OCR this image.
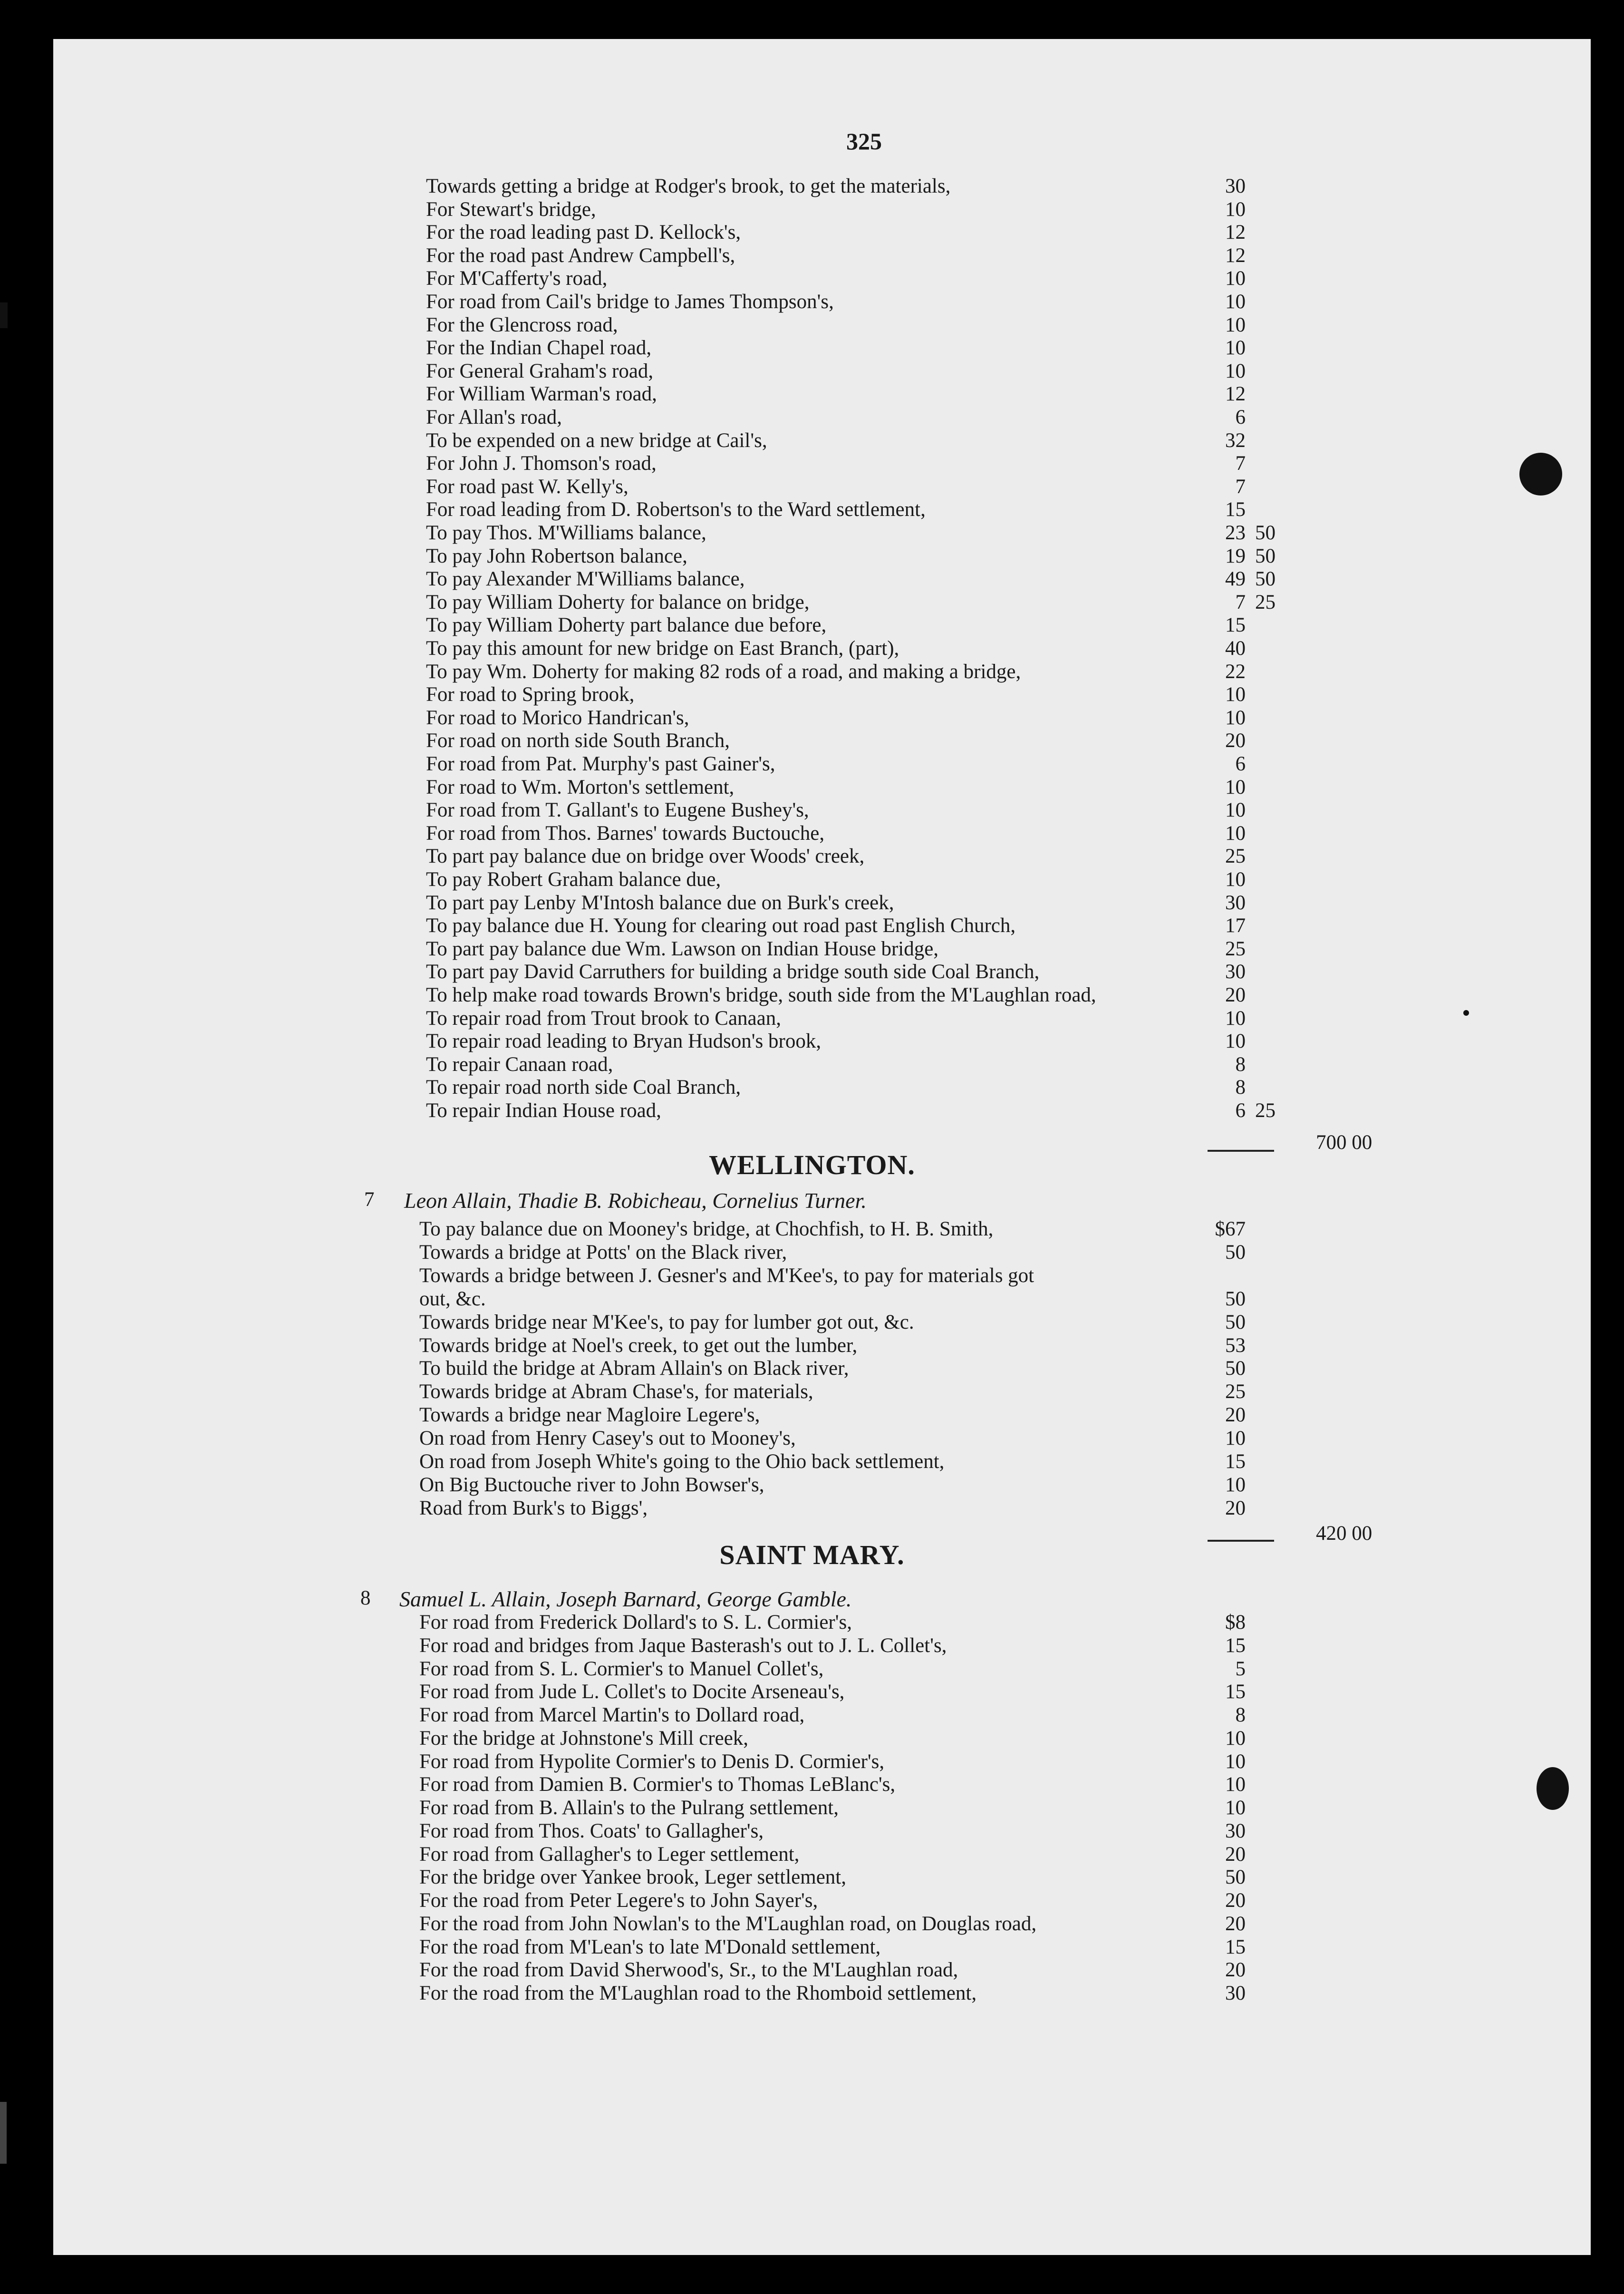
325
Towards getting a bridge at Rodger's brook, to get the materials,	30
For Stewart's bridge,	10
For the road leading past D. Kellock's,	12
For the road past Andrew Campbell's,	12
For M'Cafferty's road,	10
For road from Cail's bridge to James Thompson's,	10
For the Glencross road,	10
For the Indian Chapel road,	10
For General Graham's road,	10
For William Warman's road,	12
For Allan's road,	6
To be expended on a new bridge at Cail's,	32
For John J. Thomson's road,	7
For road past W. Kelly's,	7
For road leading from D. Robertson's to the Ward settlement,	15
To pay Thos. M'Williams balance,	23 50
To pay John Robertson balance,	19 50
To pay Alexander M'Williams balance,	49 50
To pay William Doherty for balance on bridge,	7 25
To pay William Doherty part balance due before,	15
To pay this amount for new bridge on East Branch, (part),	40
To pay Wm. Doherty for making 82 rods of a road, and making a bridge,	22
For road to Spring brook,	10
For road to Morico Handrican's,	10
For road on north side South Branch,	20
For road from Pat. Murphy's past Gainer's,	6
For road to Wm. Morton's settlement,	10
For road from T. Gallant's to Eugene Bushey's,	10
For road from Thos. Barnes' towards Buctouche,	10
To part pay balance due on bridge over Woods' creek,	25
To pay Robert Graham balance due,	10
To part pay Lenby M'Intosh balance due on Burk's creek,	30
To pay balance due H. Young for clearing out road past English Church,	17
To part pay balance due Wm. Lawson on Indian House bridge,	25
To part pay David Carruthers for building a bridge south side Coal Branch,	30
To help make road towards Brown's bridge, south side from the M'Laughlan road,	20
To repair road from Trout brook to Canaan,	10
To repair road leading to Bryan Hudson's brook,	10
To repair Canaan road,	8
To repair road north side Coal Branch,	8
To repair Indian House road,	6 25
700 00
WELLINGTON.
7 Leon Allain, Thadie B. Robicheau, Cornelius Turner.
To pay balance due on Mooney's bridge, at Chochfish, to H. B. Smith,	$67
Towards a bridge at Potts' on the Black river,	50
Towards a bridge between J. Gesner's and M'Kee's, to pay for materials got
out, &c.	50
Towards bridge near M'Kee's, to pay for lumber got out, &c.	50
Towards bridge at Noel's creek, to get out the lumber,	53
To build the bridge at Abram Allain's on Black river,	50
Towards bridge at Abram Chase's, for materials,	25
Towards a bridge near Magloire Legere's,	20
On road from Henry Casey's out to Mooney's,	10
On road from Joseph White's going to the Ohio back settlement,	15
On Big Buctouche river to John Bowser's,	10
Road from Burk's to Biggs',	20
420 00
SAINT MARY.
8 Samuel L. Allain, Joseph Barnard, George Gamble.
For road from Frederick Dollard's to S. L. Cormier's,	$8
For road and bridges from Jaque Basterash's out to J. L. Collet's,	15
For road from S. L. Cormier's to Manuel Collet's,	5
For road from Jude L. Collet's to Docite Arseneau's,	15
For road from Marcel Martin's to Dollard road,	8
For the bridge at Johnstone's Mill creek,	10
For road from Hypolite Cormier's to Denis D. Cormier's,	10
For road from Damien B. Cormier's to Thomas LeBlanc's,	10
For road from B. Allain's to the Pulrang settlement,	10
For road from Thos. Coats' to Gallagher's,	30
For road from Gallagher's to Leger settlement,	20
For the bridge over Yankee brook, Leger settlement,	50
For the road from Peter Legere's to John Sayer's,	20
For the road from John Nowlan's to the M'Laughlan road, on Douglas road,	20
For the road from M'Lean's to late M'Donald settlement,	15
For the road from David Sherwood's, Sr., to the M'Laughlan road,	20
For the road from the M'Laughlan road to the Rhomboid settlement,	30
